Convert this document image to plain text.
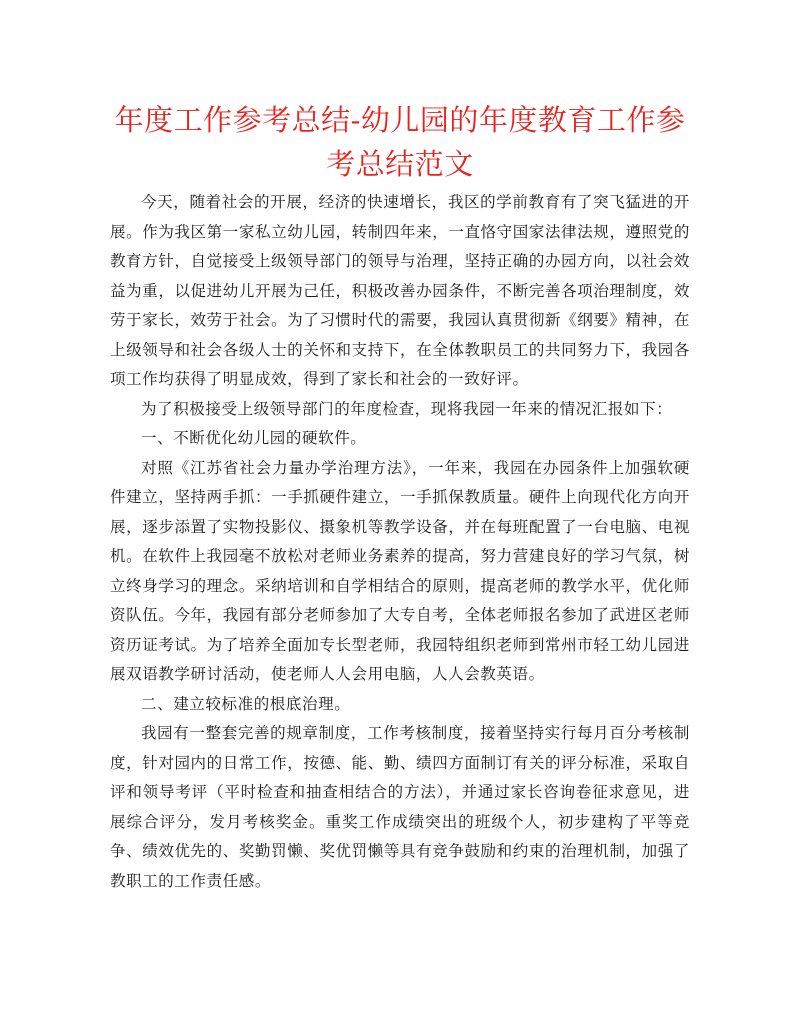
年度工作参考总结-幼儿园的年度教育工作参考总结范文

今天，随着社会的开展，经济的快速增长，我区的学前教育有了突飞猛进的开展。作为我区第一家私立幼儿园，转制四年来，一直恪守国家法律法规，遵照党的教育方针，自觉接受上级领导部门的领导与治理，坚持正确的办园方向，以社会效益为重，以促进幼儿开展为己任，积极改善办园条件，不断完善各项治理制度，效劳于家长，效劳于社会。为了习惯时代的需要，我园认真贯彻新《纲要》精神，在上级领导和社会各级人士的关怀和支持下，在全体教职员工的共同努力下，我园各项工作均获得了明显成效，得到了家长和社会的一致好评。

为了积极接受上级领导部门的年度检查，现将我园一年来的情况汇报如下：

一、不断优化幼儿园的硬软件。

对照《江苏省社会力量办学治理方法》，一年来，我园在办园条件上加强软硬件建立，坚持两手抓：一手抓硬件建立，一手抓保教质量。硬件上向现代化方向开展，逐步添置了实物投影仪、摄象机等教学设备，并在每班配置了一台电脑、电视机。在软件上我园毫不放松对老师业务素养的提高，努力营建良好的学习气氛，树立终身学习的理念。采纳培训和自学相结合的原则，提高老师的教学水平，优化师资队伍。今年，我园有部分老师参加了大专自考，全体老师报名参加了武进区老师资历证考试。为了培养全面加专长型老师，我园特组织老师到常州市轻工幼儿园进展双语教学研讨活动，使老师人人会用电脑，人人会教英语。

二、建立较标准的根底治理。

我园有一整套完善的规章制度，工作考核制度，接着坚持实行每月百分考核制度，针对园内的日常工作，按德、能、勤、绩四方面制订有关的评分标准，采取自评和领导考评（平时检查和抽查相结合的方法），并通过家长咨询卷征求意见，进展综合评分，发月考核奖金。重奖工作成绩突出的班级个人，初步建构了平等竞争、绩效优先的、奖勤罚懒、奖优罚懒等具有竞争鼓励和约束的治理机制，加强了教职工的工作责任感。
